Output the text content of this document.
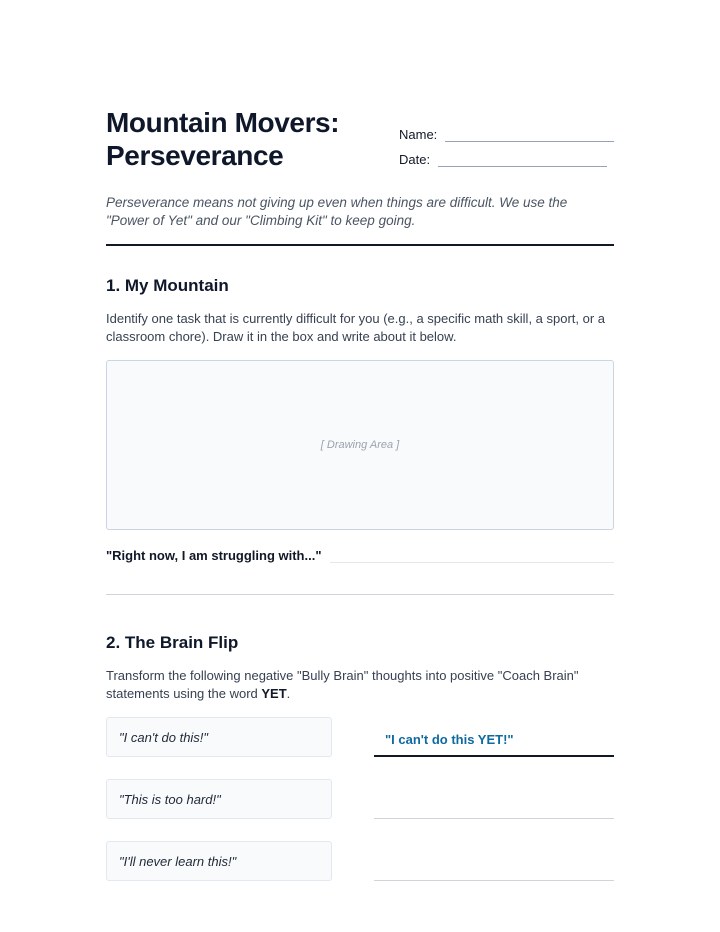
Mountain Movers:
Perseverance
Name:
Date:

Perseverance means not giving up even when things are difficult. We use the "Power of Yet" and our "Climbing Kit" to keep going.

1. My Mountain

Identify one task that is currently difficult for you (e.g., a specific math skill, a sport, or a classroom chore). Draw it in the box and write about it below.

[ Drawing Area ]
"Right now, I am struggling with..."
2. The Brain Flip

Transform the following negative "Bully Brain" thoughts into positive "Coach Brain" statements using the word YET.

"I can't do this!"	"I can't do this YET!"
"This is too hard!"
"I'll never learn this!"
